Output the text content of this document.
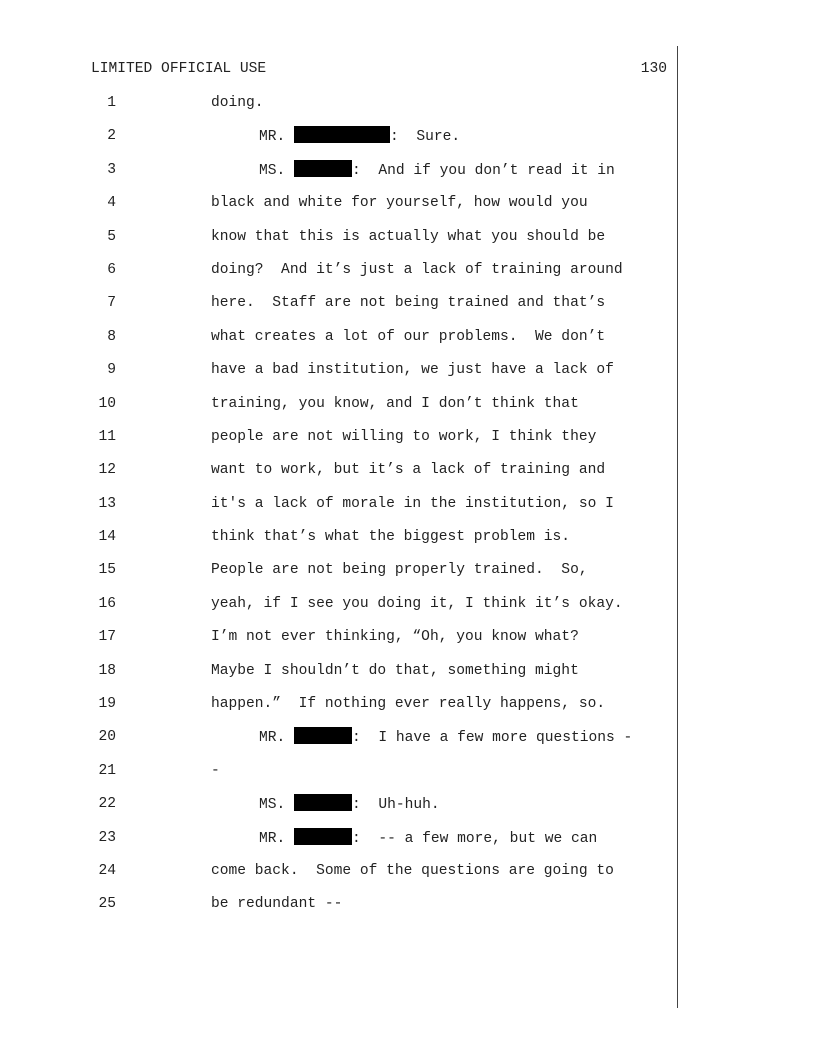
LIMITED OFFICIAL USE	130
1	doing.
2	MR.	:  Sure.
3	MS.	:  And if you don’t read it in
4	black and white for yourself, how would you
5	know that this is actually what you should be
6	doing?  And it’s just a lack of training around
7	here.  Staff are not being trained and that’s
8	what creates a lot of our problems.  We don’t
9	have a bad institution, we just have a lack of
10	training, you know, and I don’t think that
11	people are not willing to work, I think they
12	want to work, but it’s a lack of training and
13	it's a lack of morale in the institution, so I
14	think that’s what the biggest problem is.
15	People are not being properly trained.  So,
16	yeah, if I see you doing it, I think it’s okay.
17	I’m not ever thinking, “Oh, you know what?
18	Maybe I shouldn’t do that, something might
19	happen.”  If nothing ever really happens, so.
20	MR.	:  I have a few more questions -
21	-
22	MS.	:  Uh-huh.
23	MR.	:  -- a few more, but we can
24	come back.  Some of the questions are going to
25	be redundant --
